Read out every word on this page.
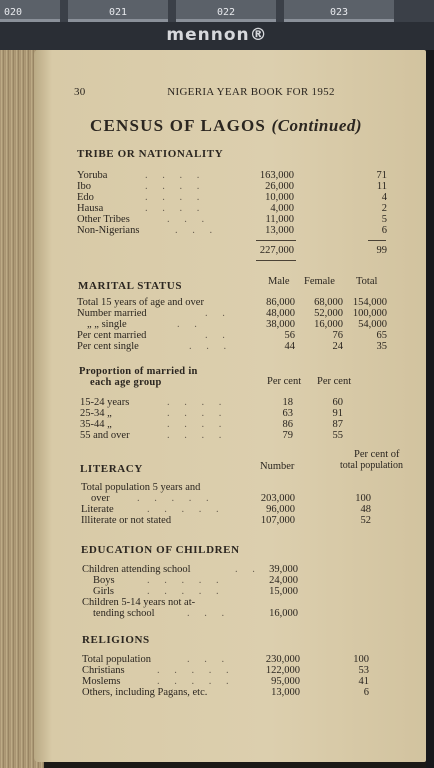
020	021	022	023
mennon®
30	NIGERIA YEAR BOOK FOR 1952
CENSUS OF LAGOS (Continued)
TRIBE OR NATIONALITY
Yoruba	. . . .	163,000	71
Ibo	. . . .	26,000	11
Edo	. . . .	10,000	4
Hausa	. . . .	4,000	2
Other Tribes	. . .	11,000	5
Non-Nigerians	. . .	13,000	6
227,000	99
MARITAL STATUS	Male Female Total
Total 15 years of age and over	86,000 68,000 154,000
Number married	. .	48,000 52,000 100,000
„ „ single	. .	38,000 16,000 54,000
Per cent married	. .	56	76	65
Per cent single	. . .	44	24	35
Proportion of married in
each age group	Per cent Per cent
15-24 years	. . . .	18	60
25-34 „	. . . .	63	91
35-44 „	. . . .	86	87
55 and over	. . . .	79	55
Per cent of
total population
LITERACY	Number
Total population 5 years and
over	. . . . .	203,000	100
Literate	. . . . .	96,000	48
Illiterate or not stated	107,000	52
EDUCATION OF CHILDREN
Children attending school	. . 39,000
Boys	. . . . .	24,000
Girls	. . . . .	15,000
Children 5-14 years not at-
tending school	. . .	16,000
RELIGIONS
Total population	. . .	230,000	100
Christians	. . . . .	122,000	53
Moslems	. . . . .	95,000	41
Others, including Pagans, etc.	13,000	6
